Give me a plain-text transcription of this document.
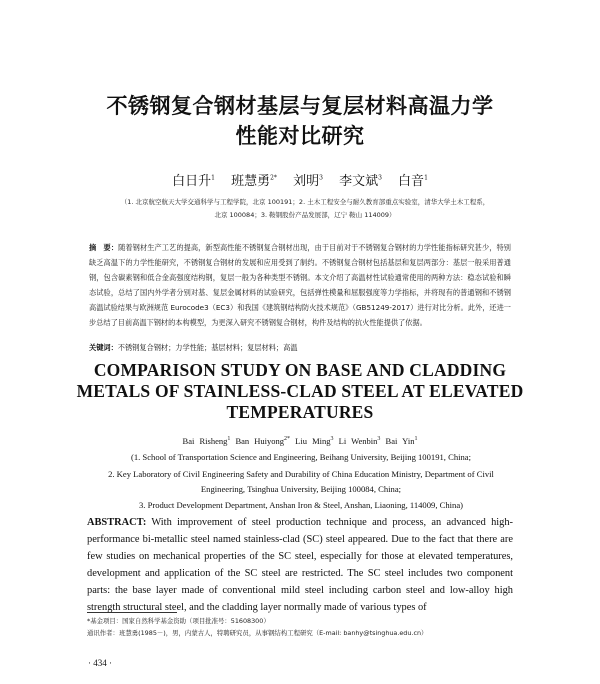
不锈钢复合钢材基层与复层材料高温力学
性能对比研究

白日升$^1$ 班慧勇$^{2*}$ 刘明$^3$ 李文斌$^3$ 白音$^1$

（1. 北京航空航天大学交通科学与工程学院，北京 100191；2. 土木工程安全与耐久教育部重点实验室，清华大学土木工程系，

北京 100084；3. 鞍钢股份产品发展部，辽宁 鞍山 114009）

摘　要：随着钢材生产工艺的提高，新型高性能不锈钢复合钢材出现，由于目前对于不锈钢复合钢材的力学性能指标研究甚少，特别缺乏高温下的力学性能研究，不锈钢复合钢材的发展和应用受到了制约。不锈钢复合钢材包括基层和复层两部分：基层一般采用普通钢，包含碳素钢和低合金高强度结构钢，复层一般为各种类型不锈钢。本文介绍了高温材性试验通常使用的两种方法：稳态试验和瞬态试验，总结了国内外学者分别对基、复层金属材料的试验研究，包括弹性模量和屈服强度等力学指标，并将现有的普通钢和不锈钢高温试验结果与欧洲规范 Eurocode3（EC3）和我国《建筑钢结构防火技术规范》（GB51249-2017）进行对比分析。此外，还进一步总结了目前高温下钢材的本构模型，为更深入研究不锈钢复合钢材，构件及结构的抗火性能提供了依据。

关键词：不锈钢复合钢材；力学性能；基层材料；复层材料；高温

COMPARISON STUDY ON BASE AND CLADDING
METALS OF STAINLESS-CLAD STEEL AT ELEVATED
TEMPERATURES

Bai Risheng$^1$ Ban Huiyong$^{2*}$ Liu Ming$^3$ Li Wenbin$^3$ Bai Yin$^1$

(1. School of Transportation Science and Engineering, Beihang University, Beijing 100191, China;

2. Key Laboratory of Civil Engineering Safety and Durability of China Education Ministry, Department of Civil

Engineering, Tsinghua University, Beijing 100084, China;

3. Product Development Department, Anshan Iron & Steel, Anshan, Liaoning, 114009, China)

ABSTRACT: With improvement of steel production technique and process, an advanced high-performance bi-metallic steel named stainless-clad (SC) steel appeared. Due to the fact that there are few studies on mechanical properties of the SC steel, especially for those at elevated temperatures, development and application of the SC steel are restricted. The SC steel includes two component parts: the base layer made of conventional mild steel including carbon steel and low-alloy high strength structural steel, and the cladding layer normally made of various types of

*基金项目：国家自然科学基金资助（项目批准号：51608300）

通讯作者：班慧勇(1985－)，男，内蒙古人，特聘研究员，从事钢结构工程研究（E-mail: banhy@tsinghua.edu.cn）

· 434 ·
